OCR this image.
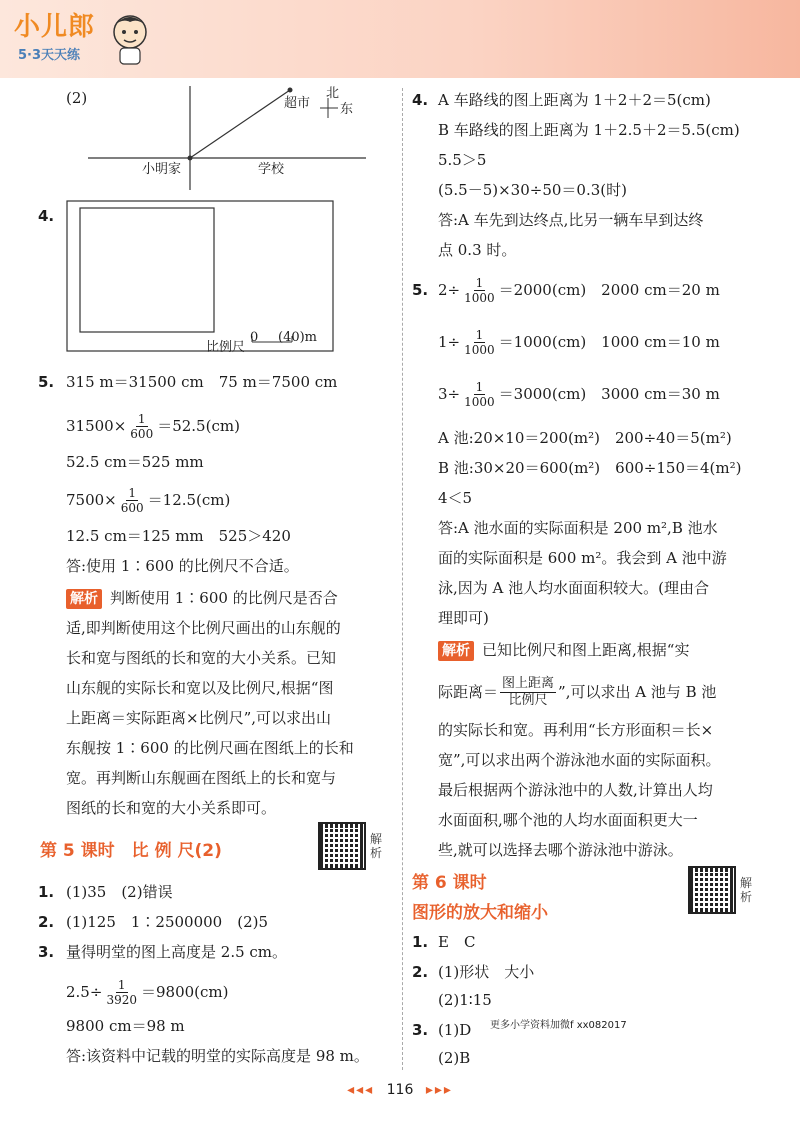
小儿郎
5·3天天练
(2)	北
东
超市
小明家	学校
4.
比例尺
0 (40)m
5. 315 m＝31500 cm　75 m＝7500 cm
$31500\times \frac{1}{600} =52.5(cm)$
52.5 cm＝525 mm
$7500\times \frac{1}{600} =12.5(cm)$
12.5 cm＝125 mm　525＞420
答:使用 1∶600 的比例尺不合适。
解析 判断使用 1∶600 的比例尺是否合
适,即判断使用这个比例尺画出的山东舰的
长和宽与图纸的长和宽的大小关系。已知
山东舰的实际长和宽以及比例尺,根据“图
上距离＝实际距离×比例尺”,可以求出山
东舰按 1∶600 的比例尺画在图纸上的长和
宽。再判断山东舰画在图纸上的长和宽与
图纸的长和宽的大小关系即可。
第 5 课时　比 例 尺(2)
解析
1. (1)35　(2)错误
2. (1)125　1∶2500000　(2)5
3. 量得明堂的图上高度是 2.5 cm。
$2.5\div \frac{1}{3920} =9800(cm)$
9800 cm＝98 m
答:该资料中记载的明堂的实际高度是 98 m。
4. A 车路线的图上距离为 1＋2＋2＝5(cm)
B 车路线的图上距离为 1＋2.5＋2＝5.5(cm)
5.5＞5
(5.5－5)×30÷50＝0.3(时)
答:A 车先到达终点,比另一辆车早到达终
点 0.3 时。
5. $2\div \frac{1}{1000} =2000(cm)$　2000 cm＝20 m
$1\div \frac{1}{1000} =1000(cm)$　1000 cm＝10 m
$3\div \frac{1}{1000} =3000(cm)$　3000 cm＝30 m
A 池:20×10＝200(m²)　200÷40＝5(m²)
B 池:30×20＝600(m²)　600÷150＝4(m²)
4＜5
答:A 池水面的实际面积是 200 m²,B 池水
面的实际面积是 600 m²。我会到 A 池中游
泳,因为 A 池人均水面面积较大。(理由合
理即可)
解析 已知比例尺和图上距离,根据“实
际距离＝ $\frac{\text{图上距离}}{\text{比例尺}}$ ”,可以求出 A 池与 B 池
的实际长和宽。再利用“长方形面积＝长×
宽”,可以求出两个游泳池水面的实际面积。
最后根据两个游泳池中的人数,计算出人均
水面面积,哪个池的人均水面面积更大一
些,就可以选择去哪个游泳池中游泳。
第 6 课时
图形的放大和缩小
解析
1. E　C
2. (1)形状　大小
(2)1∶15
3. (1)D 更多小学资料加微f xx082017
(2)B
◂◂◂ 116 ▸▸▸
